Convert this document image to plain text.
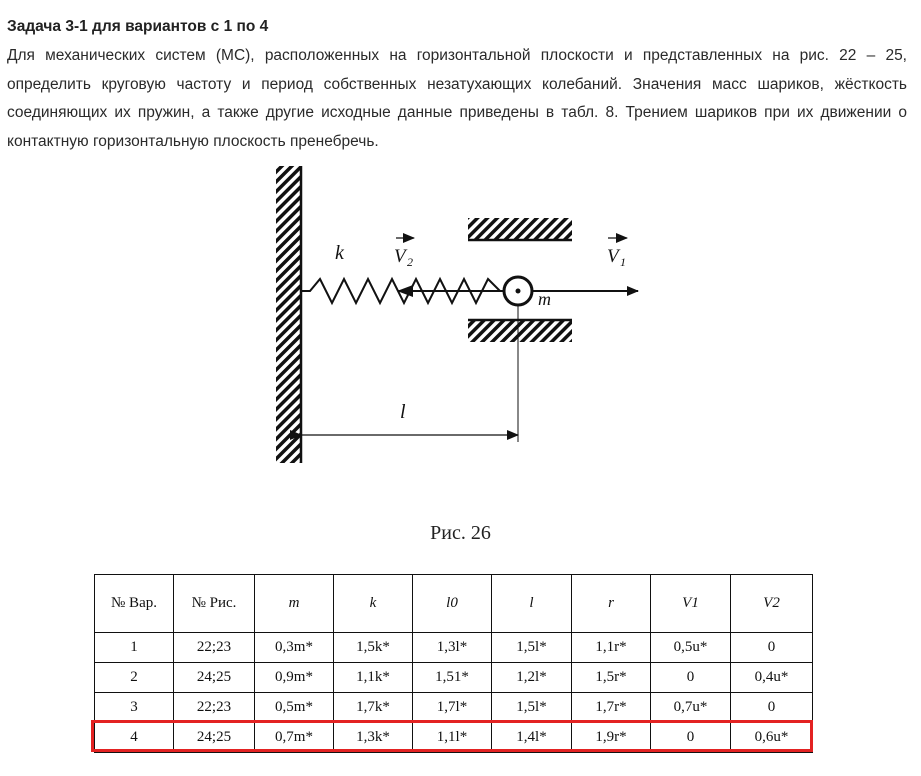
Задача 3-1 для вариантов с 1 по 4
Для механических систем (МС), расположенных на горизонтальной плоскости и представленных на рис. 22 – 25, определить круговую частоту и период собственных незатухающих колебаний. Значения масс шариков, жёсткость соединяющих их пружин, а также другие исходные данные приведены в табл. 8. Трением шариков при их движении о контактную горизонтальную плоскость пренебречь.
k	V 2	V 1
m
l
Рис. 26
№ Вар.	№ Рис.	m	k	l0	l	r	V1	V2
1	22;23	0,3m*	1,5k*	1,3l*	1,5l*	1,1r*	0,5u*	0
2	24;25	0,9m*	1,1k*	1,51*	1,2l*	1,5r*	0	0,4u*
3	22;23	0,5m*	1,7k*	1,7l*	1,5l*	1,7r*	0,7u*	0
4	24;25	0,7m*	1,3k*	1,1l*	1,4l*	1,9r*	0	0,6u*
